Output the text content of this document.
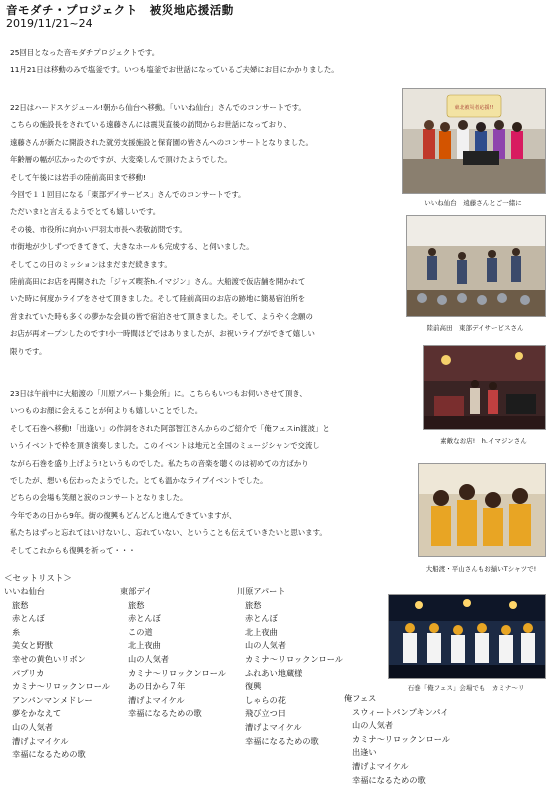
音モダチ・プロジェクト　被災地応援活動
2019/11/21~24

25回目となった音モダチプロジェクトです。

11月21日は移動のみで塩釜です。いつも塩釜でお世話になっているご夫婦にお目にかかりました。

22日はハードスケジュール!朝から仙台へ移動。「いいね仙台」さんでのコンサートです。

こちらの施設長をされている遠藤さんには震災直後の訪問からお世話になっており、

遠藤さんが新たに開設された就労支援施設と保育園の皆さんへのコンサートとなりました。

年齢層の幅が広かったのですが、大変楽しんで頂けたようでした。

そして午後には岩手の陸前高田まで移動!

今回で１１回目になる「東部デイサービス」さんでのコンサートです。

ただいま!と言えるようでとても嬉しいです。

その後、市役所に向かい戸羽太市長へ表敬訪問です。

市街地が少しずつできてきて、大きなホールも完成する、と伺いました。

そしてこの日のミッションはまだまだ続きます。

陸前高田にお店を再開された「ジャズ喫茶h.イマジン」さん。大船渡で仮店舗を開かれて

いた時に何度かライブをさせて頂きました。そして陸前高田のお店の跡地に簡易宿泊所を

営まれていた時も多くの夢かな会員の皆で宿泊させて頂きました。そして、ようやく念願の

お店が再オープンしたのです!小一時間ほどではありましたが、お祝いライブができて嬉しい

限りです。

23日は午前中に大船渡の「川原アパート集会所」に。こちらもいつもお伺いさせて頂き、

いつものお顔に会えることが何よりも嬉しいことでした。

そして石巻へ移動!「出逢い」の作詞をされた阿部智江さんからのご紹介で「俺フェスin渡波」と

いうイベントで枠を頂き演奏しました。このイベントは地元と全国のミュージシャンで交流し

ながら石巻を盛り上げよう!というものでした。私たちの音楽を聴くのは初めての方ばかり

でしたが、想いも伝わったようでした。とても温かなライブイベントでした。

どちらの会場も笑顔と涙のコンサートとなりました。

今年であの日から9年。街の復興もどんどんと進んできていますが、

私たちはずっと忘れてはいけないし、忘れていない、ということも伝えていきたいと思います。

そしてこれからも復興を祈って・・・

東北被災者応援!!
いいね仙台　遠藤さんとご一緒に
陸前高田　東部デイサービスさん
素敵なお店!　h.イマジンさん
大船渡・平山さんもお揃いTシャツで!
石巻「俺フェス」会場でも　カミナ～リ
＜セットリスト＞
いいね仙台
旅愁
赤とんぼ
糸
美女と野獣
幸せの黄色いリボン
パプリカ
カミナ～リロックンロール
アンパンマンメドレー
夢をかなえて
山の人気者
漕げよマイケル
幸福になるための歌
東部デイ
旅愁
赤とんぼ
この道
北上夜曲
山の人気者
カミナ～リロックンロール
あの日から７年
漕げよマイケル
幸福になるための歌
川原アパート
旅愁
赤とんぼ
北上夜曲
山の人気者
カミナ～リロックンロール
ふれあい地蔵様
復興
しゃらの花
飛び立つ日
漕げよマイケル
幸福になるための歌
俺フェス
スウィートパンプキンパイ
山の人気者
カミナ～リロックンロール
出逢い
漕げよマイケル
幸福になるための歌
